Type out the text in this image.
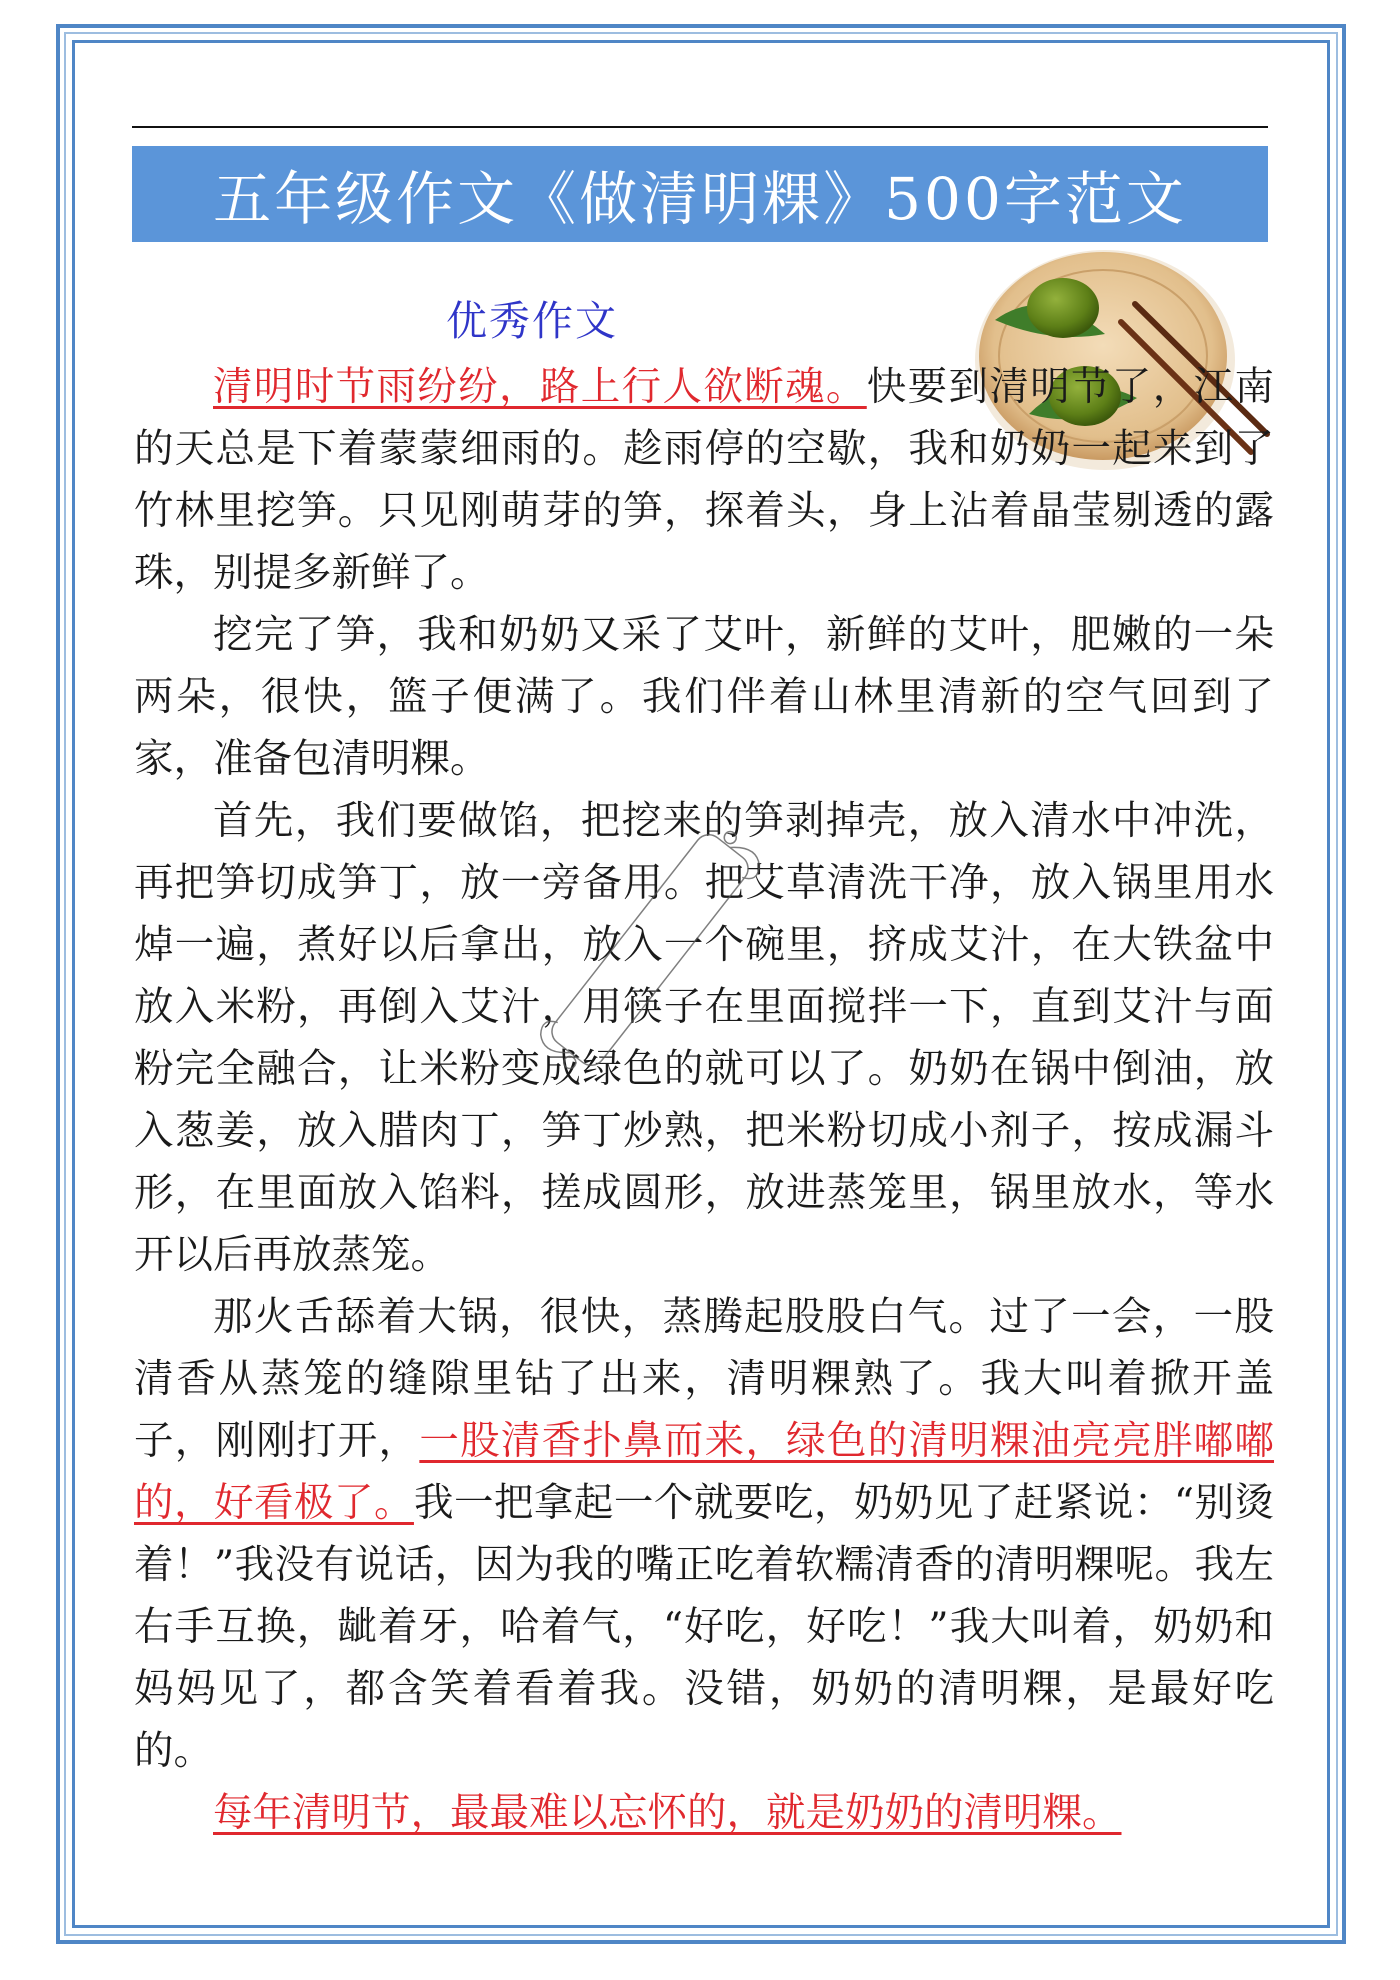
五年级作文《做清明粿》500字范文
优秀作文

清明时节雨纷纷，路上行人欲断魂。快要到清明节了，江南的天总是下着蒙蒙细雨的。趁雨停的空歇，我和奶奶一起来到了竹林里挖笋。只见刚萌芽的笋，探着头，身上沾着晶莹剔透的露珠，别提多新鲜了。

挖完了笋，我和奶奶又采了艾叶，新鲜的艾叶，肥嫩的一朵两朵，很快，篮子便满了。我们伴着山林里清新的空气回到了家，准备包清明粿。

首先，我们要做馅，把挖来的笋剥掉壳，放入清水中冲洗，再把笋切成笋丁，放一旁备用。把艾草清洗干净，放入锅里用水焯一遍，煮好以后拿出，放入一个碗里，挤成艾汁，在大铁盆中放入米粉，再倒入艾汁，用筷子在里面搅拌一下，直到艾汁与面粉完全融合，让米粉变成绿色的就可以了。奶奶在锅中倒油，放入葱姜，放入腊肉丁，笋丁炒熟，把米粉切成小剂子，按成漏斗形，在里面放入馅料，搓成圆形，放进蒸笼里，锅里放水，等水开以后再放蒸笼。

那火舌舔着大锅，很快，蒸腾起股股白气。过了一会，一股清香从蒸笼的缝隙里钻了出来，清明粿熟了。我大叫着掀开盖子，刚刚打开，一股清香扑鼻而来，绿色的清明粿油亮亮胖嘟嘟的，好看极了。我一把拿起一个就要吃，奶奶见了赶紧说：“别烫着！”我没有说话，因为我的嘴正吃着软糯清香的清明粿呢。我左右手互换，龇着牙，哈着气，“好吃，好吃！”我大叫着，奶奶和妈妈见了，都含笑着看着我。没错，奶奶的清明粿，是最好吃的。

每年清明节，最最难以忘怀的，就是奶奶的清明粿。
